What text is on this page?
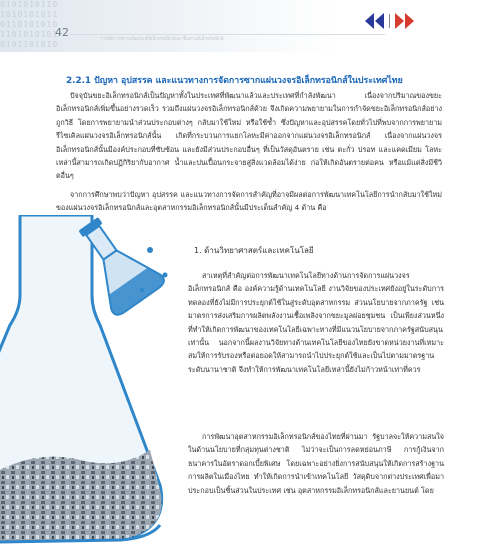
0101010110
1010101011
0110101010
1101010101
0101101010
42
การจัดการซากผลิตภัณฑ์อิเล็กทรอนิกส์และชิ้นส่วนอิเล็กทรอนิกส์
2.2.1 ปัญหา อุปสรรค และแนวทางการจัดการซากแผ่นวงจรอิเล็กทรอนิกส์ในประเทศไทย

ปัจจุบันขยะอิเล็กทรอนิกส์เป็นปัญหาทั้งในประเทศที่พัฒนาแล้วและประเทศที่กำลังพัฒนา เนื่องจากปริมาณของขยะอิเล็กทรอนิกส์เพิ่มขึ้นอย่างรวดเร็ว รวมถึงแผ่นวงจรอิเล็กทรอนิกส์ด้วย จึงเกิดความพยายามในการกำจัดขยะอิเล็กทรอนิกส์อย่างถูกวิธี โดยการพยายามนำส่วนประกอบต่างๆ กลับมาใช้ใหม่ หรือใช้ซ้ำ ซึ่งปัญหาและอุปสรรคโดยทั่วไปที่พบจากการพยายามรีไซเคิลแผ่นวงจรอิเล็กทรอนิกส์นั้น เกิดที่กระบวนการแยกโลหะมีค่าออกจากแผ่นวงจรอิเล็กทรอนิกส์ เนื่องจากแผ่นวงจรอิเล็กทรอนิกส์นั้นมีองค์ประกอบที่ซับซ้อน และยังมีส่วนประกอบอื่นๆ ที่เป็นวัสดุอันตราย เช่น ตะกั่ว ปรอท และแคดเมียม โลหะเหล่านี้สามารถเกิดปฏิกิริยากับอากาศ น้ำและปนเปื้อนกระจายสู่สิ่งแวดล้อมได้ง่าย ก่อให้เกิดอันตรายต่อคน หรือแม้แต่สิ่งมีชีวิตอื่นๆ

จากการศึกษาพบว่าปัญหา อุปสรรค และแนวทางการจัดการสำคัญที่อาจมีผลต่อการพัฒนาเทคโนโลยีการนำกลับมาใช้ใหม่ของแผ่นวงจรอิเล็กทรอนิกส์และอุตสาหกรรมอิเล็กทรอนิกส์นั้นมีประเด็นสำคัญ 4 ด้าน คือ

1. ด้านวิทยาศาสตร์และเทคโนโลยี

สาเหตุที่สำคัญต่อการพัฒนาเทคโนโลยีทางด้านการจัดการแผ่นวงจรอิเล็กทรอนิกส์ คือ องค์ความรู้ด้านเทคโนโลยี งานวิจัยของประเทศยังอยู่ในระดับการทดลองที่ยังไม่มีการประยุกต์ใช้ในสู่ระดับอุตสาหกรรม ส่วนนโยบายจากภาครัฐ เช่น มาตรการส่งเสริมการผลิตพลังงานเชื้อเพลิงจากขยะมูลฝอยชุมชน เป็นเพียงส่วนหนึ่งที่ทำให้เกิดการพัฒนาของเทคโนโลยีเฉพาะทางที่มีแนวนโยบายจากภาครัฐสนับสนุนเท่านั้น นอกจากนี้ผลงานวิจัยทางด้านเทคโนโลยีของไทยยังขาดหน่วยงานที่เหมาะสมให้การรับรองหรือต่อยอดให้สามารถนำไปประยุกต์ใช้และเป็นไปตามมาตรฐานระดับนานาชาติ จึงทำให้การพัฒนาเทคโนโลยีเหล่านี้ยังไม่ก้าวหน้าเท่าที่ควร

การพัฒนาอุตสาหกรรมอิเล็กทรอนิกส์ของไทยที่ผ่านมา รัฐบาลจะให้ความสนใจในด้านนโยบายที่กลุ่มทุนต่างชาติ ไม่ว่าจะเป็นการลดหย่อนภาษี การกู้เงินจากธนาคารในอัตราดอกเบี้ยพิเศษ โดยเฉพาะอย่างยิ่งการสนับสนุนให้เกิดการสร้างฐานการผลิตในเมืองไทย ทำให้เกิดการนำเข้าเทคโนโลยี วัสดุดิบจากต่างประเทศเพื่อมาประกอบเป็นชิ้นส่วนในประเทศ เช่น อุตสาหกรรมอิเล็กทรอนิกส์และยานยนต์ โดย
